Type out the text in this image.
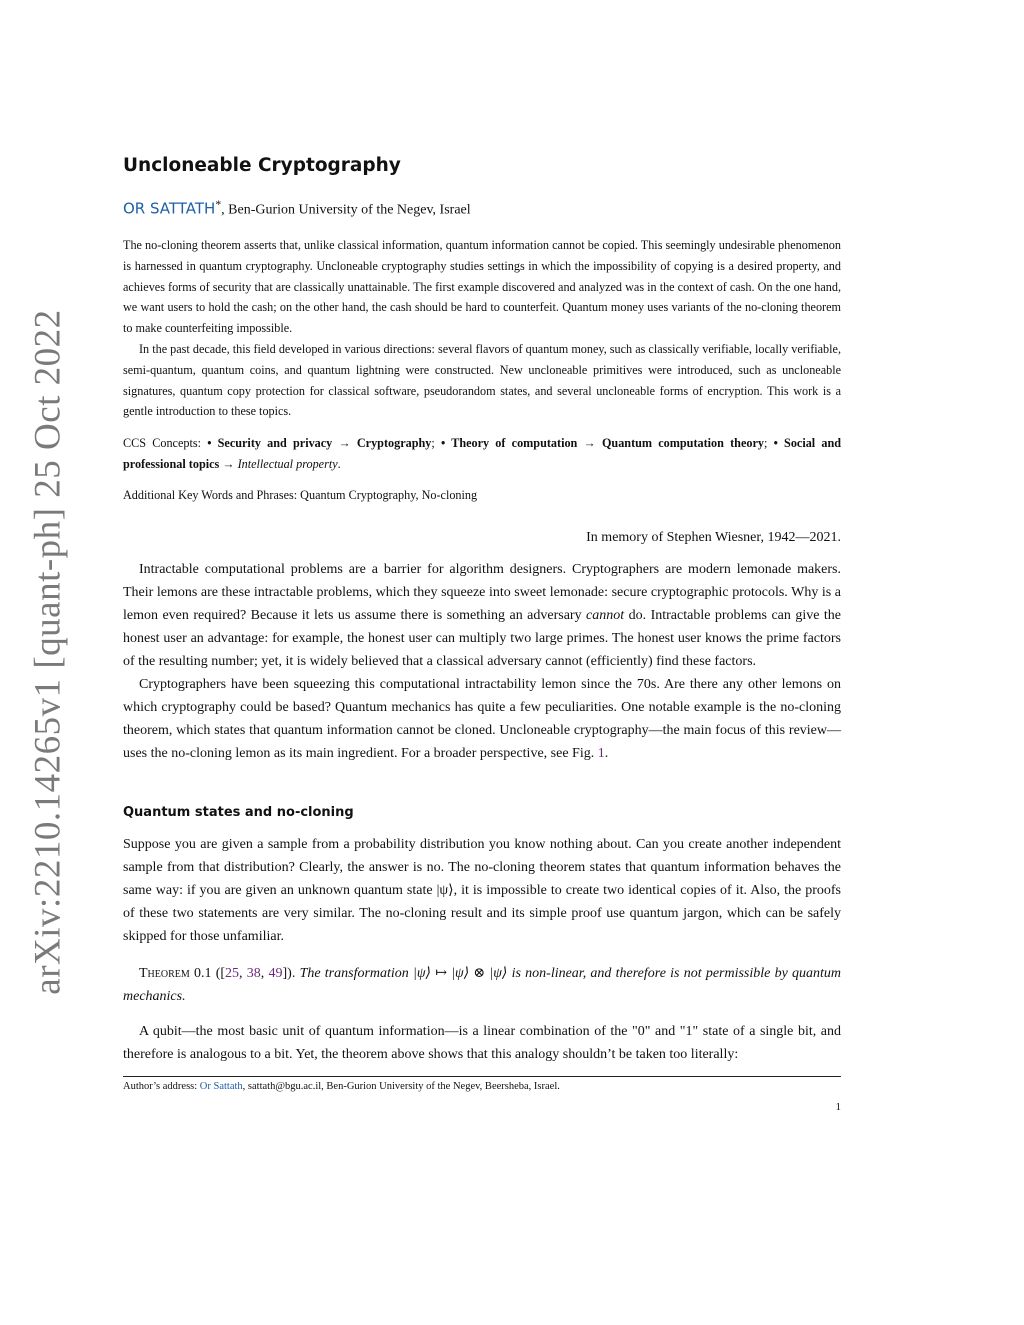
arXiv:2210.14265v1 [quant-ph] 25 Oct 2022
Uncloneable Cryptography
OR SATTATH*, Ben-Gurion University of the Negev, Israel

The no-cloning theorem asserts that, unlike classical information, quantum information cannot be copied. This seemingly undesirable phenomenon is harnessed in quantum cryptography. Uncloneable cryptography studies settings in which the impossibility of copying is a desired property, and achieves forms of security that are classically unattainable. The first example discovered and analyzed was in the context of cash. On the one hand, we want users to hold the cash; on the other hand, the cash should be hard to counterfeit. Quantum money uses variants of the no-cloning theorem to make counterfeiting impossible.

In the past decade, this field developed in various directions: several flavors of quantum money, such as classically verifiable, locally verifiable, semi-quantum, quantum coins, and quantum lightning were constructed. New uncloneable primitives were introduced, such as uncloneable signatures, quantum copy protection for classical software, pseudorandom states, and several uncloneable forms of encryption. This work is a gentle introduction to these topics.

CCS Concepts: • Security and privacy → Cryptography; • Theory of computation → Quantum computation theory; • Social and professional topics → Intellectual property.
Additional Key Words and Phrases: Quantum Cryptography, No-cloning
In memory of Stephen Wiesner, 1942—2021.

Intractable computational problems are a barrier for algorithm designers. Cryptographers are modern lemonade makers. Their lemons are these intractable problems, which they squeeze into sweet lemonade: secure cryptographic protocols. Why is a lemon even required? Because it lets us assume there is something an adversary cannot do. Intractable problems can give the honest user an advantage: for example, the honest user can multiply two large primes. The honest user knows the prime factors of the resulting number; yet, it is widely believed that a classical adversary cannot (efficiently) find these factors.

Cryptographers have been squeezing this computational intractability lemon since the 70s. Are there any other lemons on which cryptography could be based? Quantum mechanics has quite a few peculiarities. One notable example is the no-cloning theorem, which states that quantum information cannot be cloned. Uncloneable cryptography—the main focus of this review—uses the no-cloning lemon as its main ingredient. For a broader perspective, see Fig. 1.

Quantum states and no-cloning

Suppose you are given a sample from a probability distribution you know nothing about. Can you create another independent sample from that distribution? Clearly, the answer is no. The no-cloning theorem states that quantum information behaves the same way: if you are given an unknown quantum state |ψ⟩, it is impossible to create two identical copies of it. Also, the proofs of these two statements are very similar. The no-cloning result and its simple proof use quantum jargon, which can be safely skipped for those unfamiliar.

Theorem 0.1 ([25, 38, 49]). The transformation |ψ⟩ ↦ |ψ⟩ ⊗ |ψ⟩ is non-linear, and therefore is not permissible by quantum mechanics.

A qubit—the most basic unit of quantum information—is a linear combination of the "0" and "1" state of a single bit, and therefore is analogous to a bit. Yet, the theorem above shows that this analogy shouldn’t be taken too literally:

Author’s address: Or Sattath, sattath@bgu.ac.il, Ben-Gurion University of the Negev, Beersheba, Israel.
1
